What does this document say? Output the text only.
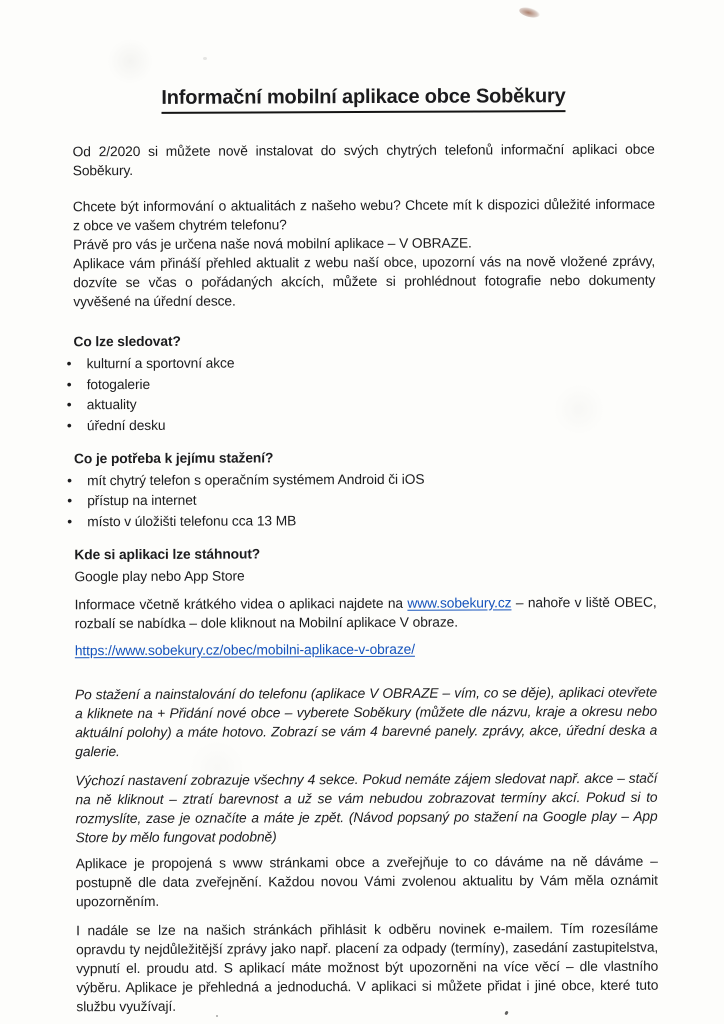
Informační mobilní aplikace obce Soběkury

Od 2/2020 si můžete nově instalovat do svých chytrých telefonů informační aplikaci obce Soběkury.

Chcete být informování o aktualitách z našeho webu? Chcete mít k dispozici důležité informace z obce ve vašem chytrém telefonu?

Právě pro vás je určena naše nová mobilní aplikace – V OBRAZE.

Aplikace vám přináší přehled aktualit z webu naší obce, upozorní vás na nově vložené zprávy, dozvíte se včas o pořádaných akcích, můžete si prohlédnout fotografie nebo dokumenty vyvěšené na úřední desce.

Co lze sledovat?

• kulturní a sportovní akce
• fotogalerie
• aktuality
• úřední desku

Co je potřeba k jejímu stažení?

• mít chytrý telefon s operačním systémem Android či iOS
• přístup na internet
• místo v úložišti telefonu cca 13 MB

Kde si aplikaci lze stáhnout?

Google play nebo App Store

Informace včetně krátkého videa o aplikaci najdete na www.sobekury.cz – nahoře v liště OBEC, rozbalí se nabídka – dole kliknout na Mobilní aplikace V obraze.

https://www.sobekury.cz/obec/mobilni-aplikace-v-obraze/

Po stažení a nainstalování do telefonu (aplikace V OBRAZE – vím, co se děje), aplikaci otevřete a kliknete na + Přidání nové obce – vyberete Soběkury (můžete dle názvu, kraje a okresu nebo aktuální polohy) a máte hotovo. Zobrazí se vám 4 barevné panely. zprávy, akce, úřední deska a galerie.

Výchozí nastavení zobrazuje všechny 4 sekce. Pokud nemáte zájem sledovat např. akce – stačí na ně kliknout – ztratí barevnost a už se vám nebudou zobrazovat termíny akcí. Pokud si to rozmyslíte, zase je označíte a máte je zpět. (Návod popsaný po stažení na Google play – App Store by mělo fungovat podobně)

Aplikace je propojená s www stránkami obce a zveřejňuje to co dáváme na ně dáváme – postupně dle data zveřejnění. Každou novou Vámi zvolenou aktualitu by Vám měla oznámit upozorněním.

I nadále se lze na našich stránkách přihlásit k odběru novinek e-mailem. Tím rozesíláme opravdu ty nejdůležitější zprávy jako např. placení za odpady (termíny), zasedání zastupitelstva, vypnutí el. proudu atd. S aplikací máte možnost být upozorněni na více věcí – dle vlastního výběru. Aplikace je přehledná a jednoduchá. V aplikaci si můžete přidat i jiné obce, které tuto službu využívají.
